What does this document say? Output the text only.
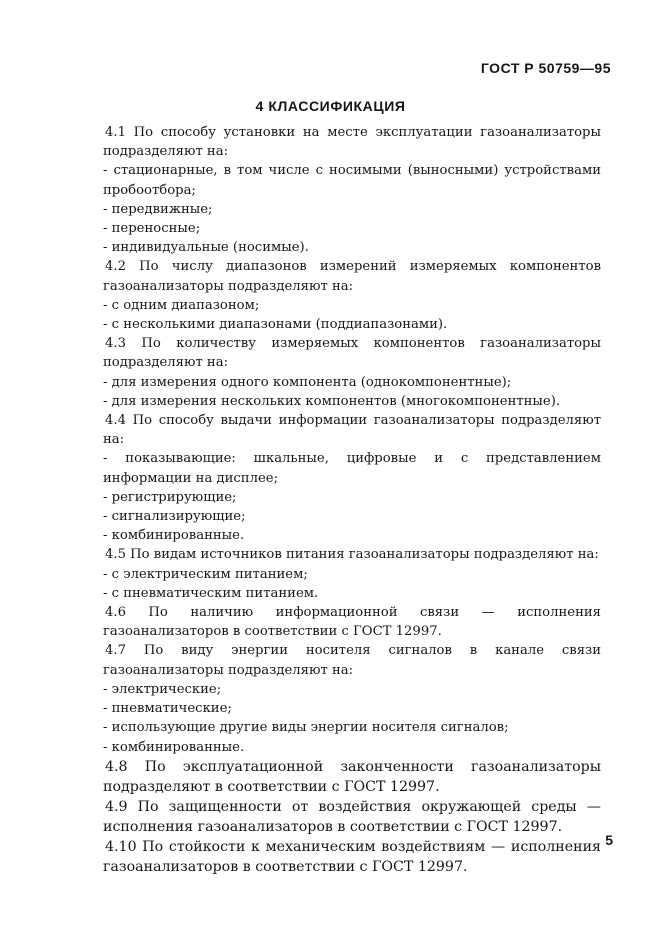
ГОСТ Р 50759—95
4 КЛАССИФИКАЦИЯ

4.1 По способу установки на месте эксплуатации газоанализаторы подразделяют на:

- стационарные, в том числе с носимыми (выносными) устройствами пробоотбора;

- передвижные;

- переносные;

- индивидуальные (носимые).

4.2 По числу диапазонов измерений измеряемых компонентов газоанализаторы подразделяют на:

- с одним диапазоном;

- с несколькими диапазонами (поддиапазонами).

4.3 По количеству измеряемых компонентов газоанализаторы подразделяют на:

- для измерения одного компонента (однокомпонентные);

- для измерения нескольких компонентов (многокомпонентные).

4.4 По способу выдачи информации газоанализаторы подразделяют на:

- показывающие: шкальные, цифровые и с представлением информации на дисплее;

- регистрирующие;

- сигнализирующие;

- комбинированные.

4.5 По видам источников питания газоанализаторы подразделяют на:

- с электрическим питанием;

- с пневматическим питанием.

4.6 По наличию информационной связи — исполнения газоанализаторов в соответствии с ГОСТ 12997.

4.7 По виду энергии носителя сигналов в канале связи газоанализаторы подразделяют на:

- электрические;

- пневматические;

- использующие другие виды энергии носителя сигналов;

- комбинированные.

4.8 По эксплуатационной законченности газоанализаторы подразделяют в соответствии с ГОСТ 12997.

4.9 По защищенности от воздействия окружающей среды — исполнения газоанализаторов в соответствии с ГОСТ 12997.

4.10 По стойкости к механическим воздействиям — исполнения газоанализаторов в соответствии с ГОСТ 12997.

5
